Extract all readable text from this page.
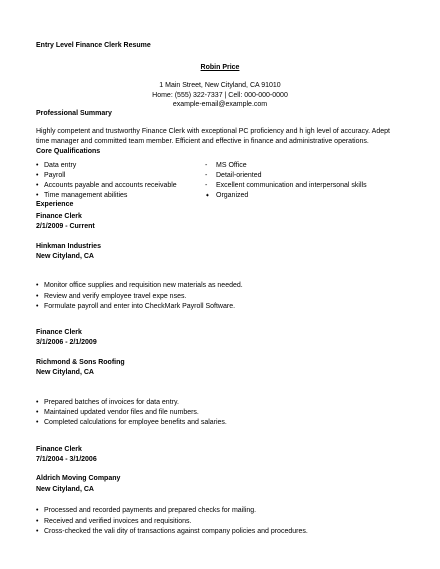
Entry Level Finance Clerk Resume
Robin Price
1 Main Street, New Cityland, CA 91010
Home: (555) 322-7337 | Cell: 000-000-0000
example-email@example.com
Professional Summary
Highly competent and trustworthy Finance Clerk with exceptional PC proficiency and h igh level of accuracy. Adept
time manager and committed team member. Efficient and effective in finance and administrative operations.
Core Qualifications
• Data entry
• Payroll
• Accounts payable and accounts receivable
• Time management abilities
- MS Office
- Detail-oriented
- Excellent communication and interpersonal skills
➧ Organized
Experience
Finance Clerk
2/1/2009 - Current
Hinkman Industries
New Cityland, CA
• Monitor office supplies and requisition new materials as needed.
• Review and verify employee travel expe nses.
• Formulate payroll and enter into CheckMark Payroll Software.
Finance Clerk
3/1/2006 - 2/1/2009
Richmond & Sons Roofing
New Cityland, CA
• Prepared batches of invoices for data entry.
• Maintained updated vendor files and file numbers.
• Completed calculations for employee benefits and salaries.
Finance Clerk
7/1/2004 - 3/1/2006
Aldrich Moving Company
New Cityland, CA
• Processed and recorded payments and prepared checks for mailing.
• Received and verified invoices and requisitions.
• Cross-checked the vali dity of transactions against company policies and procedures.
